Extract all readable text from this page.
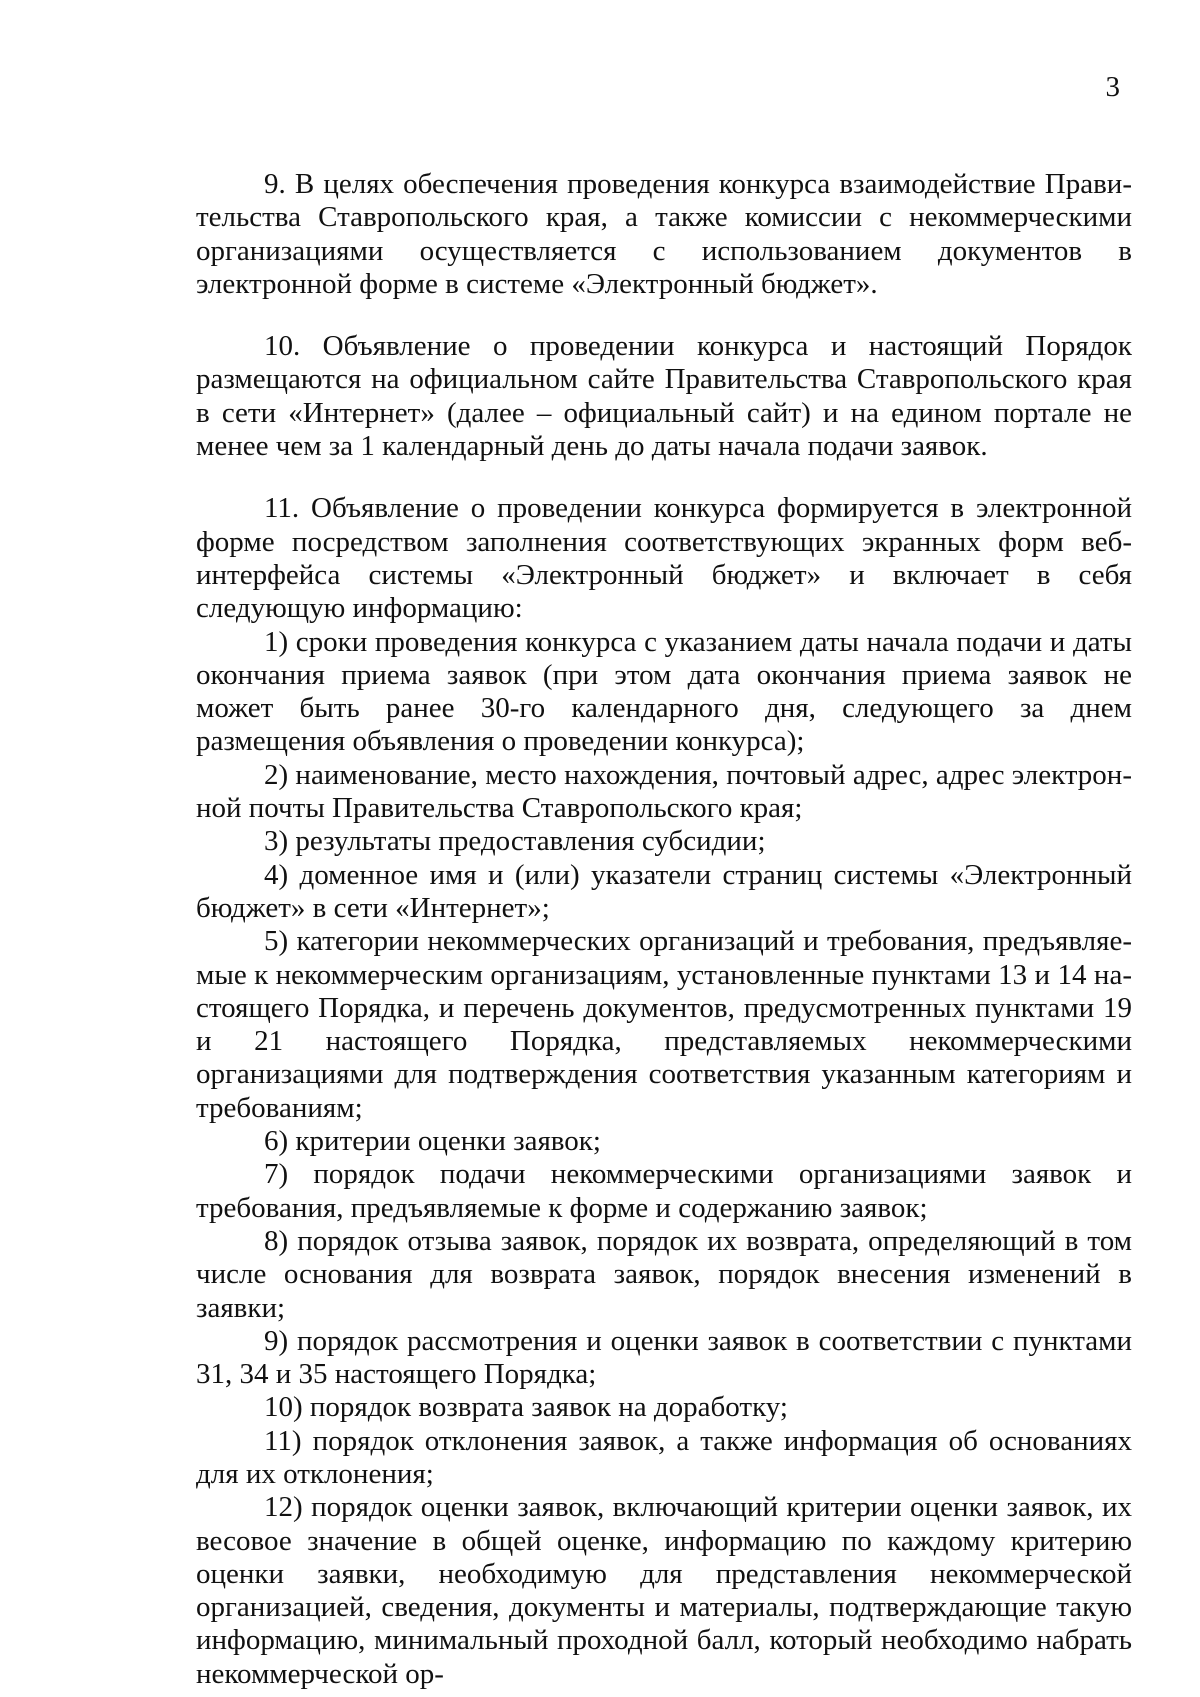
3

9. В целях обеспечения проведения конкурса взаимодействие Правительства Ставропольского края, а также комиссии с некоммерческими организациями осуществляется с использованием документов в электронной форме в системе «Электронный бюджет».

10. Объявление о проведении конкурса и настоящий Порядок размещаются на официальном сайте Правительства Ставропольского края в сети «Интернет» (далее – официальный сайт) и на едином портале не менее чем за 1 календарный день до даты начала подачи заявок.

11. Объявление о проведении конкурса формируется в электронной форме посредством заполнения соответствующих экранных форм веб-интерфейса системы «Электронный бюджет» и включает в себя следующую информацию:

1) сроки проведения конкурса с указанием даты начала подачи и даты окончания приема заявок (при этом дата окончания приема заявок не может быть ранее 30-го календарного дня, следующего за днем размещения объявления о проведении конкурса);

2) наименование, место нахождения, почтовый адрес, адрес электронной почты Правительства Ставропольского края;

3) результаты предоставления субсидии;

4) доменное имя и (или) указатели страниц системы «Электронный бюджет» в сети «Интернет»;

5) категории некоммерческих организаций и требования, предъявляемые к некоммерческим организациям, установленные пунктами 13 и 14 настоящего Порядка, и перечень документов, предусмотренных пунктами 19 и 21 настоящего Порядка, представляемых некоммерческими организациями для подтверждения соответствия указанным категориям и требованиям;

6) критерии оценки заявок;

7) порядок подачи некоммерческими организациями заявок и требования, предъявляемые к форме и содержанию заявок;

8) порядок отзыва заявок, порядок их возврата, определяющий в том числе основания для возврата заявок, порядок внесения изменений в заявки;

9) порядок рассмотрения и оценки заявок в соответствии с пунктами 31, 34 и 35 настоящего Порядка;

10) порядок возврата заявок на доработку;

11) порядок отклонения заявок, а также информация об основаниях для их отклонения;

12) порядок оценки заявок, включающий критерии оценки заявок, их весовое значение в общей оценке, информацию по каждому критерию оценки заявки, необходимую для представления некоммерческой организацией, сведения, документы и материалы, подтверждающие такую информацию, минимальный проходной балл, который необходимо набрать некоммерческой ор-
